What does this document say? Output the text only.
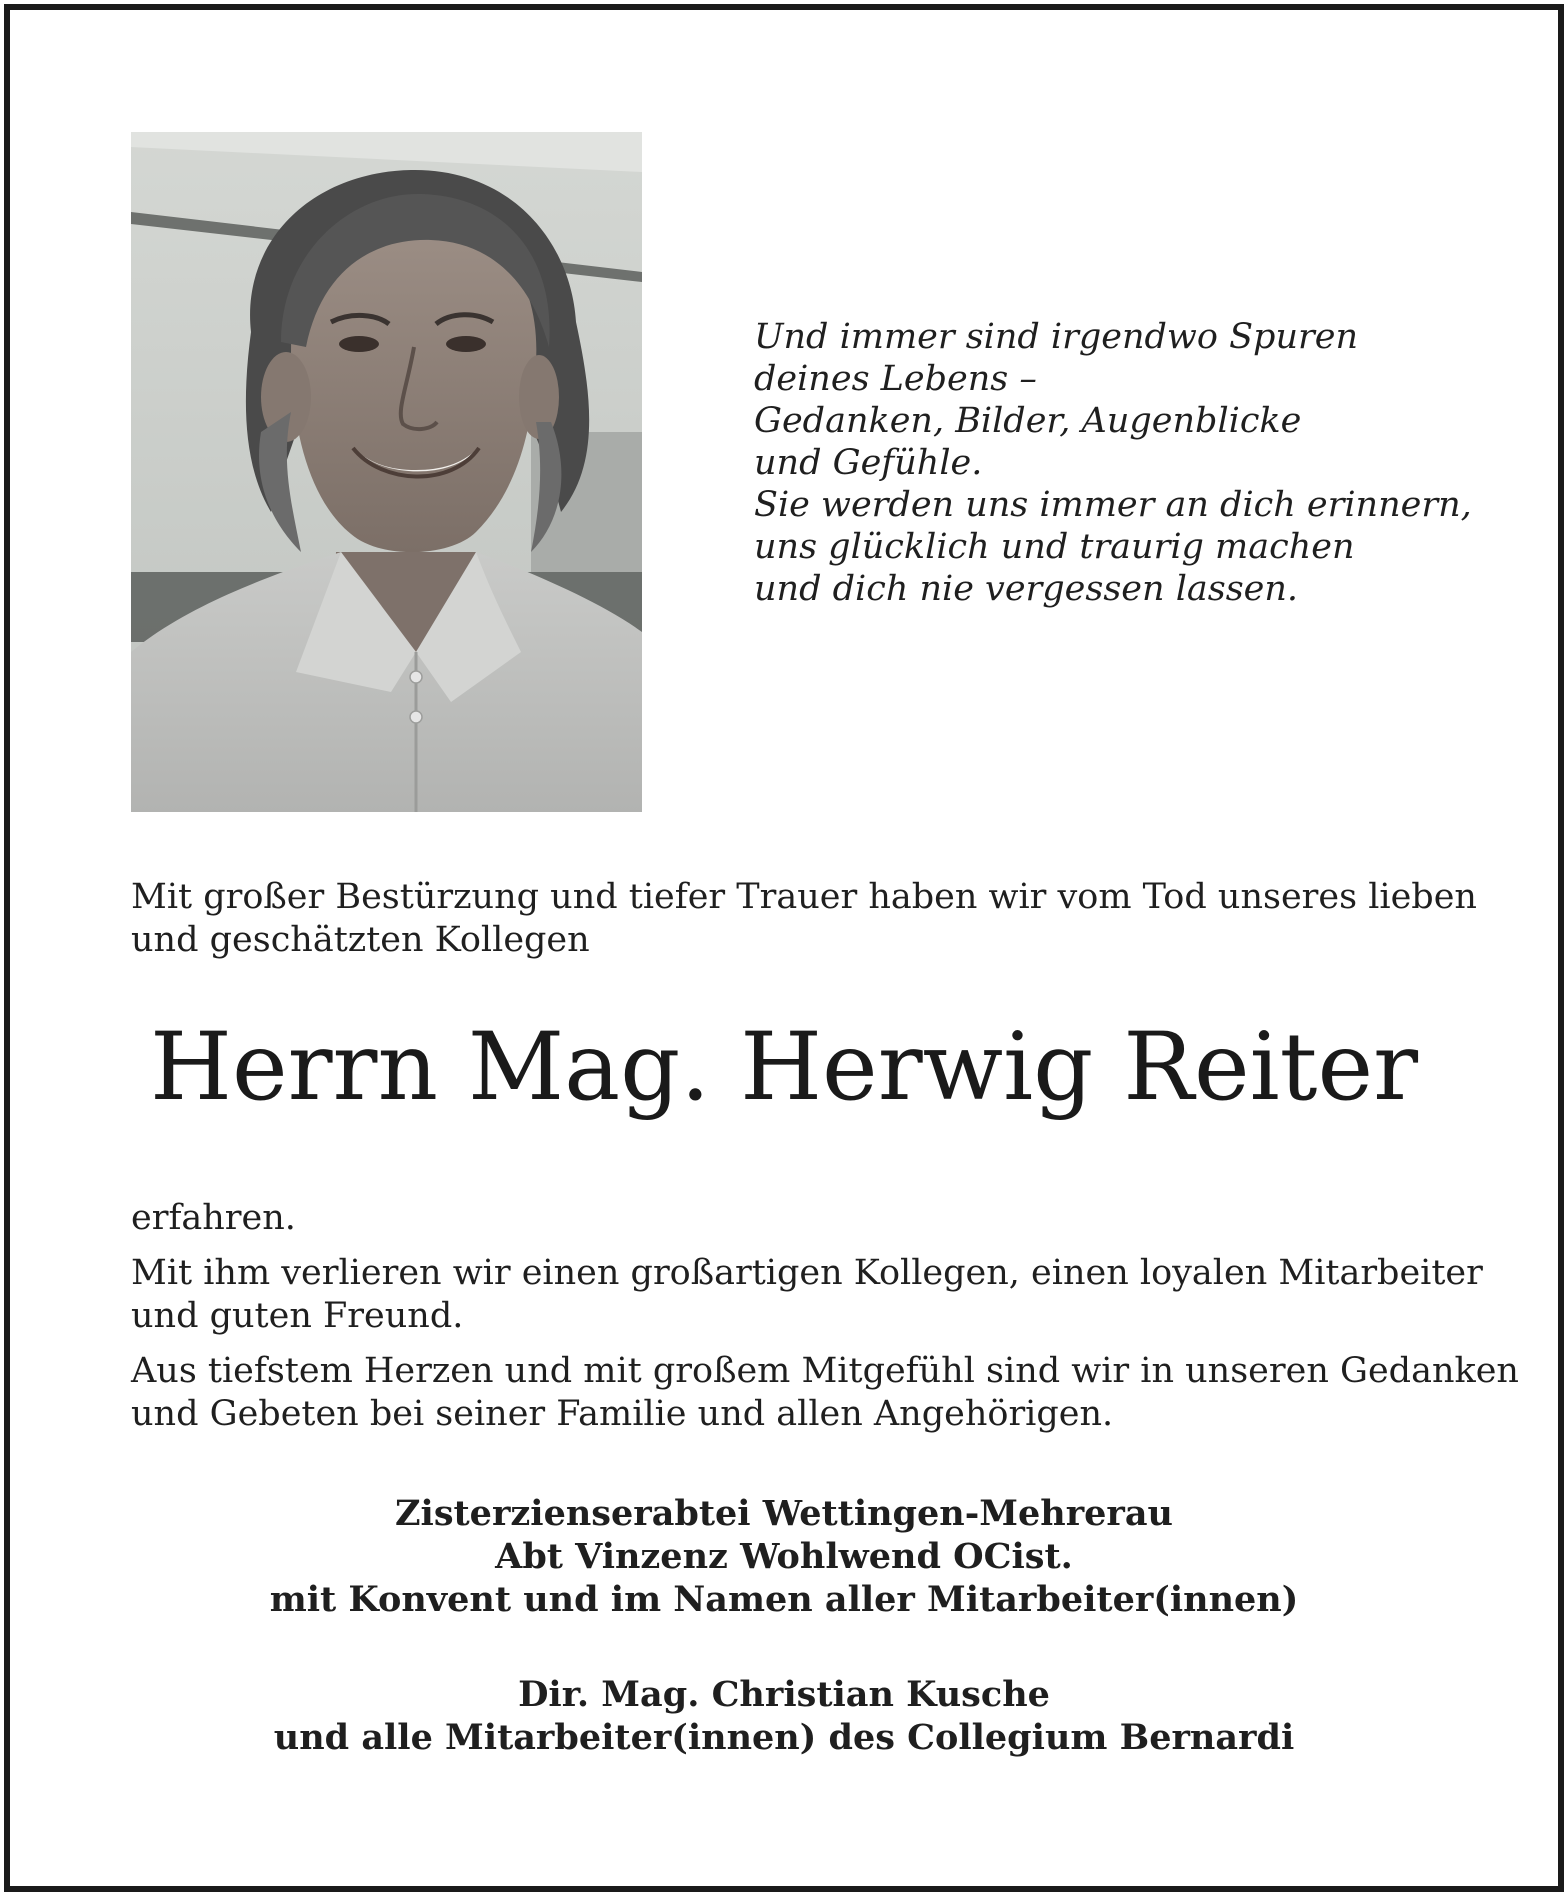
Und immer sind irgendwo Spuren
deines Lebens –
Gedanken, Bilder, Augenblicke
und Gefühle.
Sie werden uns immer an dich erinnern,
uns glücklich und traurig machen
und dich nie vergessen lassen.
Mit großer Bestürzung und tiefer Trauer haben wir vom Tod unseres lieben
und geschätzten Kollegen
Herrn Mag. Herwig Reiter
erfahren.
Mit ihm verlieren wir einen großartigen Kollegen, einen loyalen Mitarbeiter
und guten Freund.
Aus tiefstem Herzen und mit großem Mitgefühl sind wir in unseren Gedanken
und Gebeten bei seiner Familie und allen Angehörigen.
Zisterzienserabtei Wettingen-Mehrerau
Abt Vinzenz Wohlwend OCist.
mit Konvent und im Namen aller Mitarbeiter(innen)
Dir. Mag. Christian Kusche
und alle Mitarbeiter(innen) des Collegium Bernardi
